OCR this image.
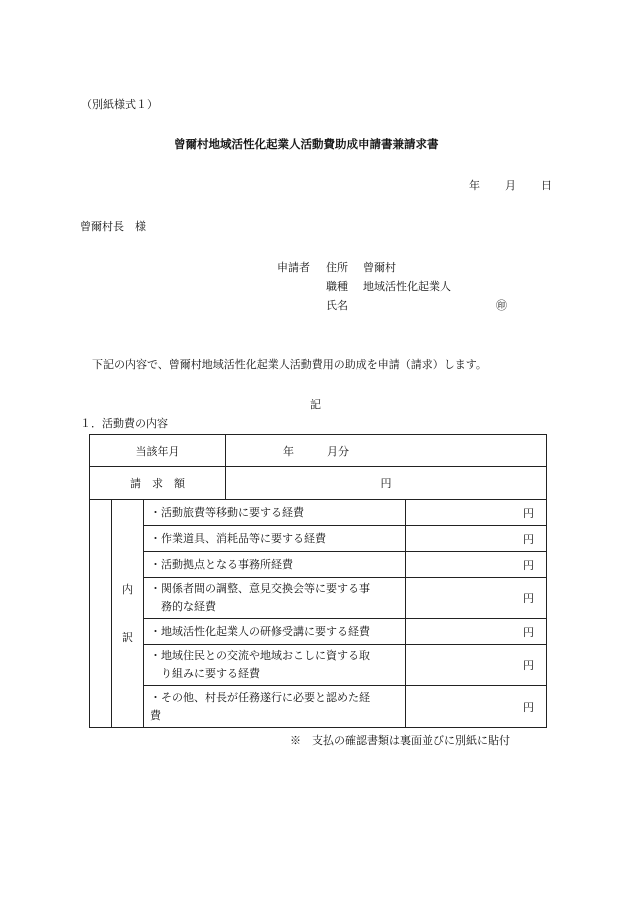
（別紙様式１）
曾爾村地域活性化起業人活動費助成申請書兼請求書
年 月 日
曾爾村長　様
申請者 住所 曾爾村
職種 地域活性化起業人
氏名	㊞
下記の内容で、曾爾村地域活性化起業人活動費用の助成を申請（請求）します。
記
１．活動費の内容
当該年月			年　　　月分	
請　求　額			円	

	内
訳	・活動旅費等移動に要する経費		円

		・作業道具、消耗品等に要する経費		円

		・活動拠点となる事務所経費		円

		・関係者間の調整、意見交換会等に要する事
　務的な経費		円

		・地域活性化起業人の研修受講に要する経費		円

		・地域住民との交流や地域おこしに資する取
　り組みに要する経費		円

		・その他、村長が任務遂行に必要と認めた経
費		円
※　支払の確認書類は裏面並びに別紙に貼付
